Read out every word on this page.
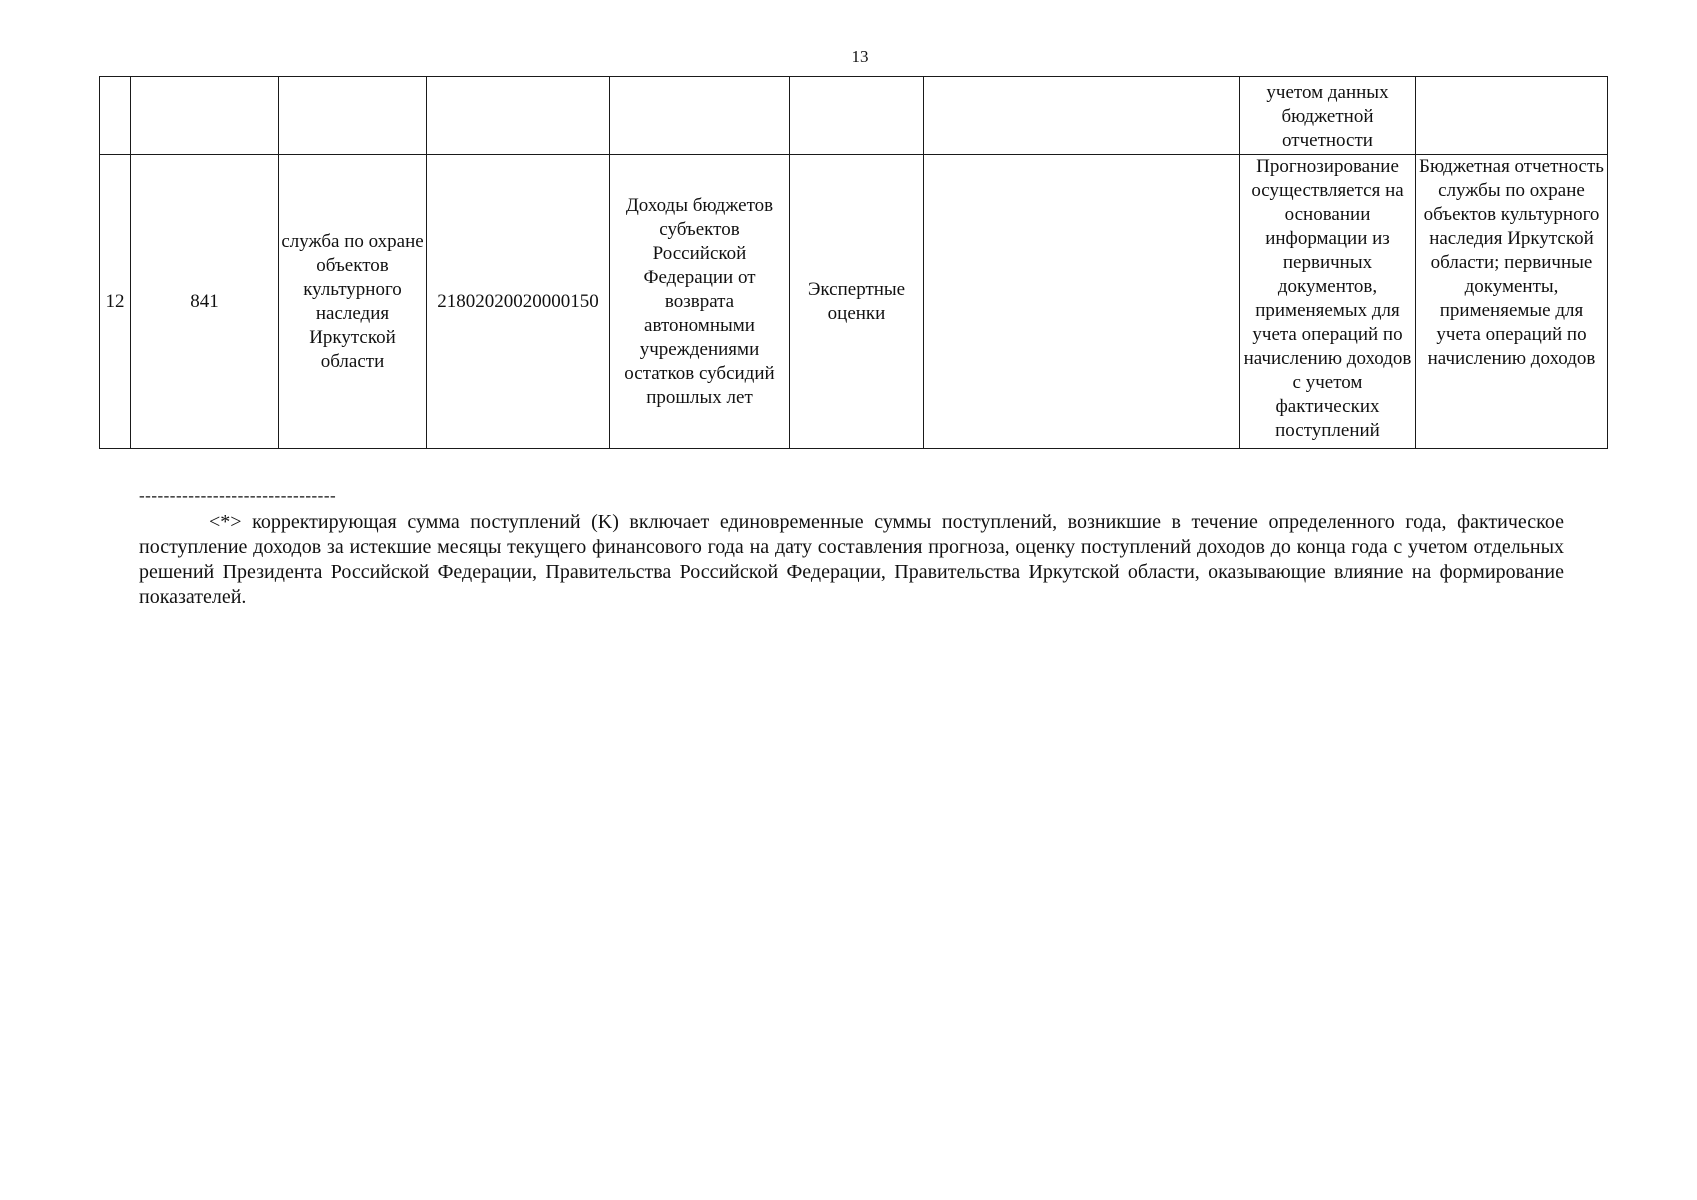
13
							учетом данных бюджетной отчетности	
12	841	служба по охране объектов культурного наследия Иркутской области	21802020020000150	Доходы бюджетов субъектов Российской Федерации от возврата автономными учреждениями остатков субсидий прошлых лет	Экспертные оценки		Прогнозирование осуществляется на основании информации из первичных документов, применяемых для учета операций по начислению доходов с учетом фактических поступлений	Бюджетная отчетность службы по охране объектов культурного наследия Иркутской области; первичные документы, применяемые для учета операций по начислению доходов
--------------------------------
<*> корректирующая сумма поступлений (K) включает единовременные суммы поступлений, возникшие в течение определенного года, фактическое поступление доходов за истекшие месяцы текущего финансового года на дату составления прогноза, оценку поступлений доходов до конца года с учетом отдельных решений Президента Российской Федерации, Правительства Российской Федерации, Правительства Иркутской области, оказывающие влияние на формирование показателей.
